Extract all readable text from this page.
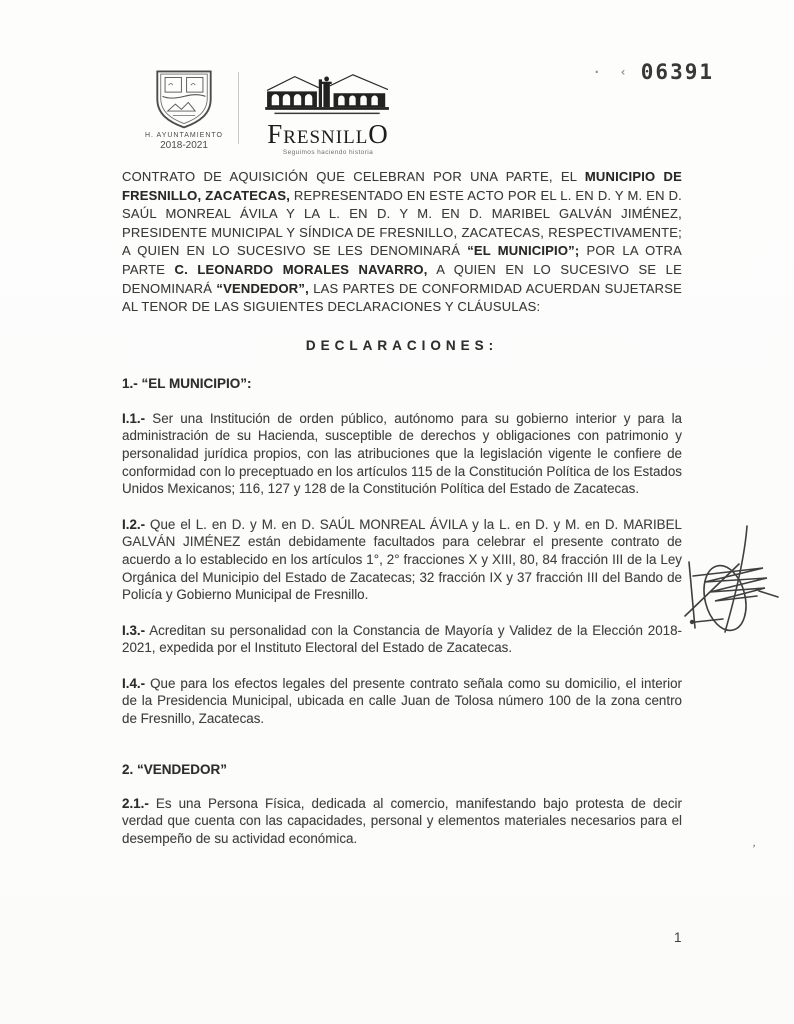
H. AYUNTAMIENTO
2018-2021	FresnillO
Seguimos haciendo historia
· ‹ 06391

CONTRATO DE AQUISICIÓN QUE CELEBRAN POR UNA PARTE, EL MUNICIPIO DE FRESNILLO, ZACATECAS, REPRESENTADO EN ESTE ACTO POR EL L. EN D. Y M. EN D. SAÚL MONREAL ÁVILA Y LA L. EN D. Y M. EN D. MARIBEL GALVÁN JIMÉNEZ, PRESIDENTE MUNICIPAL Y SÍNDICA DE FRESNILLO, ZACATECAS, RESPECTIVAMENTE; A QUIEN EN LO SUCESIVO SE LES DENOMINARÁ “EL MUNICIPIO”; POR LA OTRA PARTE C. LEONARDO MORALES NAVARRO, A QUIEN EN LO SUCESIVO SE LE DENOMINARÁ “VENDEDOR”, LAS PARTES DE CONFORMIDAD ACUERDAN SUJETARSE AL TENOR DE LAS SIGUIENTES DECLARACIONES Y CLÁUSULAS:

DECLARACIONES:
1.- “EL MUNICIPIO”:

I.1.- Ser una Institución de orden público, autónomo para su gobierno interior y para la administración de su Hacienda, susceptible de derechos y obligaciones con patrimonio y personalidad jurídica propios, con las atribuciones que la legislación vigente le confiere de conformidad con lo preceptuado en los artículos 115 de la Constitución Política de los Estados Unidos Mexicanos; 116, 127 y 128 de la Constitución Política del Estado de Zacatecas.

I.2.- Que el L. en D. y M. en D. SAÚL MONREAL ÁVILA y la L. en D. y M. en D. MARIBEL GALVÁN JIMÉNEZ están debidamente facultados para celebrar el presente contrato de acuerdo a lo establecido en los artículos 1°, 2° fracciones X y XIII, 80, 84 fracción III de la Ley Orgánica del Municipio del Estado de Zacatecas; 32 fracción IX y 37 fracción III del Bando de Policía y Gobierno Municipal de Fresnillo.

I.3.- Acreditan su personalidad con la Constancia de Mayoría y Validez de la Elección 2018-2021, expedida por el Instituto Electoral del Estado de Zacatecas.

I.4.- Que para los efectos legales del presente contrato señala como su domicilio, el interior de la Presidencia Municipal, ubicada en calle Juan de Tolosa número 100 de la zona centro de Fresnillo, Zacatecas.

2. “VENDEDOR”

2.1.- Es una Persona Física, dedicada al comercio, manifestando bajo protesta de decir verdad que cuenta con las capacidades, personal y elementos materiales necesarios para el desempeño de su actividad económica.

’
1
